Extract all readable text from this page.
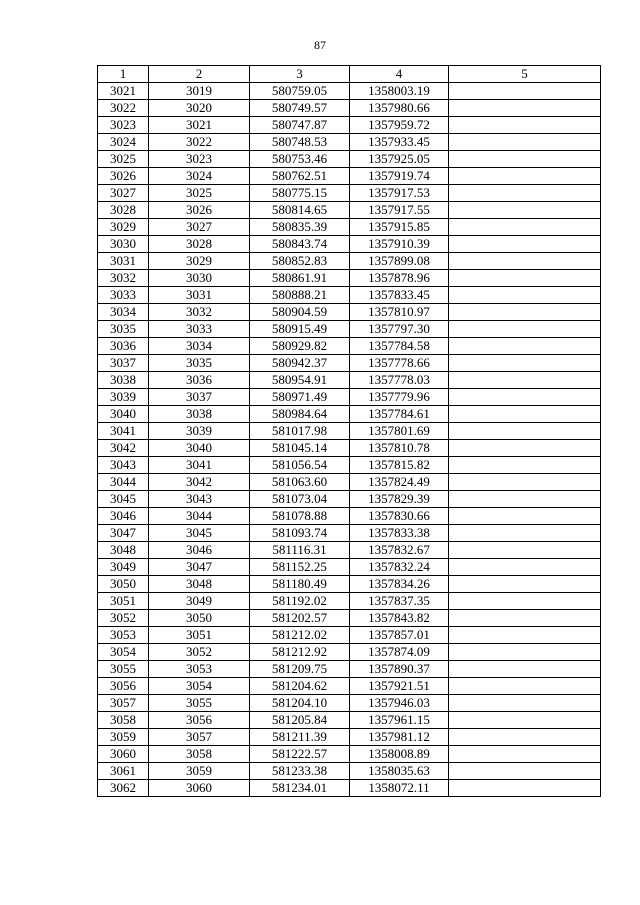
87
1	2	3	4	5
3021	3019	580759.05	1358003.19	
3022	3020	580749.57	1357980.66	
3023	3021	580747.87	1357959.72	
3024	3022	580748.53	1357933.45	
3025	3023	580753.46	1357925.05	
3026	3024	580762.51	1357919.74	
3027	3025	580775.15	1357917.53	
3028	3026	580814.65	1357917.55	
3029	3027	580835.39	1357915.85	
3030	3028	580843.74	1357910.39	
3031	3029	580852.83	1357899.08	
3032	3030	580861.91	1357878.96	
3033	3031	580888.21	1357833.45	
3034	3032	580904.59	1357810.97	
3035	3033	580915.49	1357797.30	
3036	3034	580929.82	1357784.58	
3037	3035	580942.37	1357778.66	
3038	3036	580954.91	1357778.03	
3039	3037	580971.49	1357779.96	
3040	3038	580984.64	1357784.61	
3041	3039	581017.98	1357801.69	
3042	3040	581045.14	1357810.78	
3043	3041	581056.54	1357815.82	
3044	3042	581063.60	1357824.49	
3045	3043	581073.04	1357829.39	
3046	3044	581078.88	1357830.66	
3047	3045	581093.74	1357833.38	
3048	3046	581116.31	1357832.67	
3049	3047	581152.25	1357832.24	
3050	3048	581180.49	1357834.26	
3051	3049	581192.02	1357837.35	
3052	3050	581202.57	1357843.82	
3053	3051	581212.02	1357857.01	
3054	3052	581212.92	1357874.09	
3055	3053	581209.75	1357890.37	
3056	3054	581204.62	1357921.51	
3057	3055	581204.10	1357946.03	
3058	3056	581205.84	1357961.15	
3059	3057	581211.39	1357981.12	
3060	3058	581222.57	1358008.89	
3061	3059	581233.38	1358035.63	
3062	3060	581234.01	1358072.11	
